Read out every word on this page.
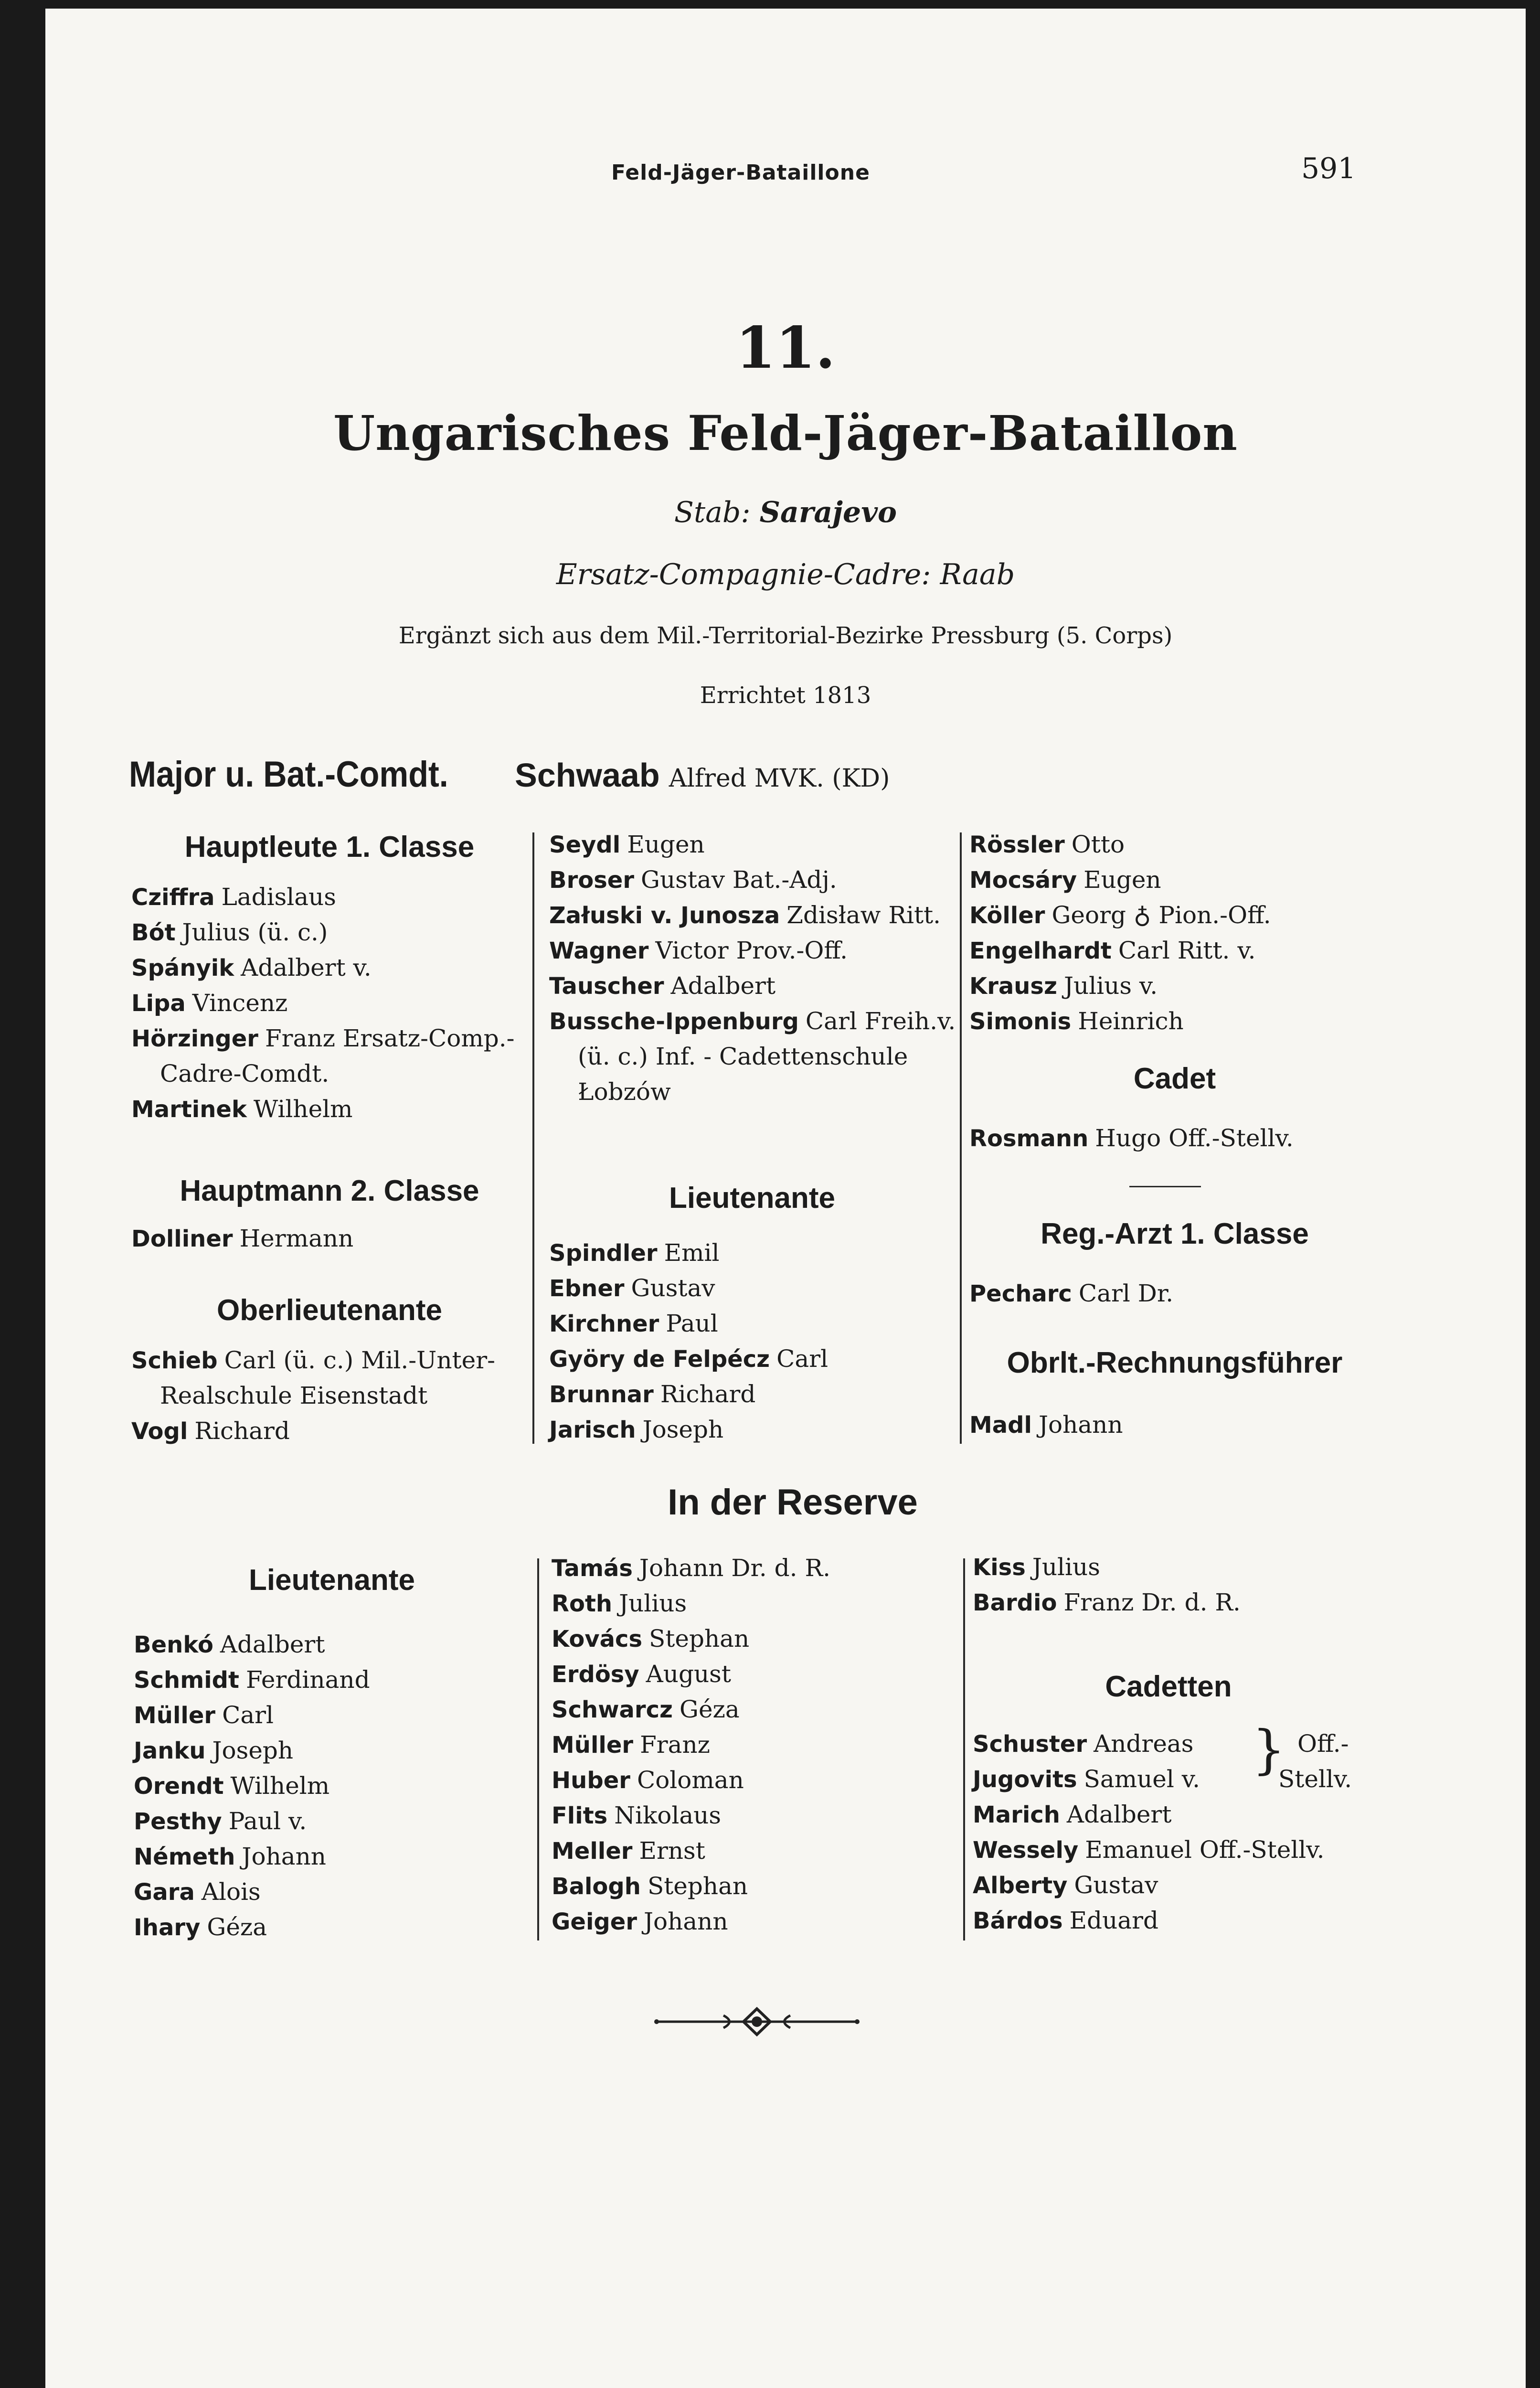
Feld-Jäger-Bataillone	591
11.
Ungarisches Feld-Jäger-Bataillon
Stab: Sarajevo
Ersatz-Compagnie-Cadre: Raab
Ergänzt sich aus dem Mil.-Territorial-Bezirke Pressburg (5. Corps)
Errichtet 1813
Major u. Bat.-Comdt. Schwaab Alfred MVK. (KD)
Hauptleute 1. Classe
Cziffra Ladislaus
Bót Julius (ü. c.)
Spányik Adalbert v.
Lipa Vincenz
Hörzinger Franz Ersatz-Comp.-
Cadre-Comdt.
Martinek Wilhelm
Hauptmann 2. Classe
Dolliner Hermann
Oberlieutenante
Schieb Carl (ü. c.) Mil.-Unter-
Realschule Eisenstadt
Vogl Richard
Seydl Eugen
Broser Gustav Bat.-Adj.
Załuski v. Junosza Zdisław Ritt.
Wagner Victor Prov.-Off.
Tauscher Adalbert
Bussche-Ippenburg Carl Freih.v.
(ü. c.) Inf. - Cadettenschule
Łobzów
Lieutenante
Spindler Emil
Ebner Gustav
Kirchner Paul
Györy de Felpécz Carl
Brunnar Richard
Jarisch Joseph
Rössler Otto
Mocsáry Eugen
Köller Georg ♁ Pion.-Off.
Engelhardt Carl Ritt. v.
Krausz Julius v.
Simonis Heinrich
Cadet
Rosmann Hugo Off.-Stellv.
Reg.-Arzt 1. Classe
Pecharc Carl Dr.
Obrlt.-Rechnungsführer
Madl Johann
In der Reserve
Lieutenante
Benkó Adalbert
Schmidt Ferdinand
Müller Carl
Janku Joseph
Orendt Wilhelm
Pesthy Paul v.
Németh Johann
Gara Alois
Ihary Géza
Tamás Johann Dr. d. R.
Roth Julius
Kovács Stephan
Erdösy August
Schwarcz Géza
Müller Franz
Huber Coloman
Flits Nikolaus
Meller Ernst
Balogh Stephan
Geiger Johann
Kiss Julius
Bardio Franz Dr. d. R.
Cadetten
Schuster Andreas
Jugovits Samuel v. } Off.-
Stellv.
Marich Adalbert
Wessely Emanuel Off.-Stellv.
Alberty Gustav
Bárdos Eduard
